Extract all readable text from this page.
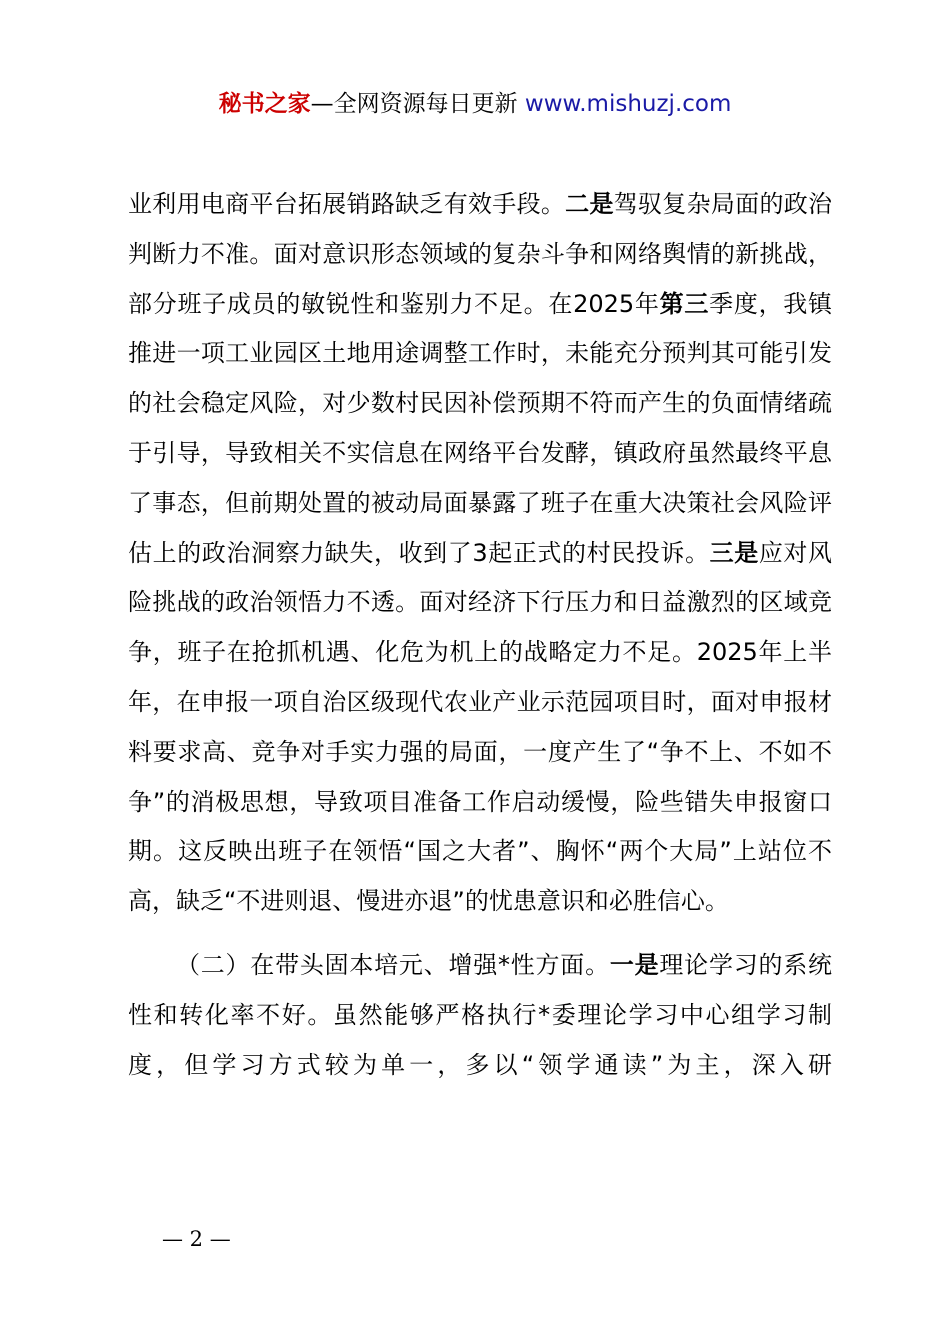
秘书之家—全网资源每日更新 www.mishuzj.com

业利用电商平台拓展销路缺乏有效手段。二是驾驭复杂局面的政治判断力不准。面对意识形态领域的复杂斗争和网络舆情的新挑战，部分班子成员的敏锐性和鉴别力不足。在2025年第三季度，我镇推进一项工业园区土地用途调整工作时，未能充分预判其可能引发的社会稳定风险，对少数村民因补偿预期不符而产生的负面情绪疏于引导，导致相关不实信息在网络平台发酵，镇政府虽然最终平息了事态，但前期处置的被动局面暴露了班子在重大决策社会风险评估上的政治洞察力缺失，收到了3起正式的村民投诉。三是应对风险挑战的政治领悟力不透。面对经济下行压力和日益激烈的区域竞争，班子在抢抓机遇、化危为机上的战略定力不足。2025年上半年，在申报一项自治区级现代农业产业示范园项目时，面对申报材料要求高、竞争对手实力强的局面，一度产生了“争不上、不如不争”的消极思想，导致项目准备工作启动缓慢，险些错失申报窗口期。这反映出班子在领悟“国之大者”、胸怀“两个大局”上站位不高，缺乏“不进则退、慢进亦退”的忧患意识和必胜信心。

（二）在带头固本培元、增强*性方面。一是理论学习的系统性和转化率不好。虽然能够严格执行*委理论学习中心组学习制度，但学习方式较为单一，多以“领学通读”为主，深入研

— 2 —
